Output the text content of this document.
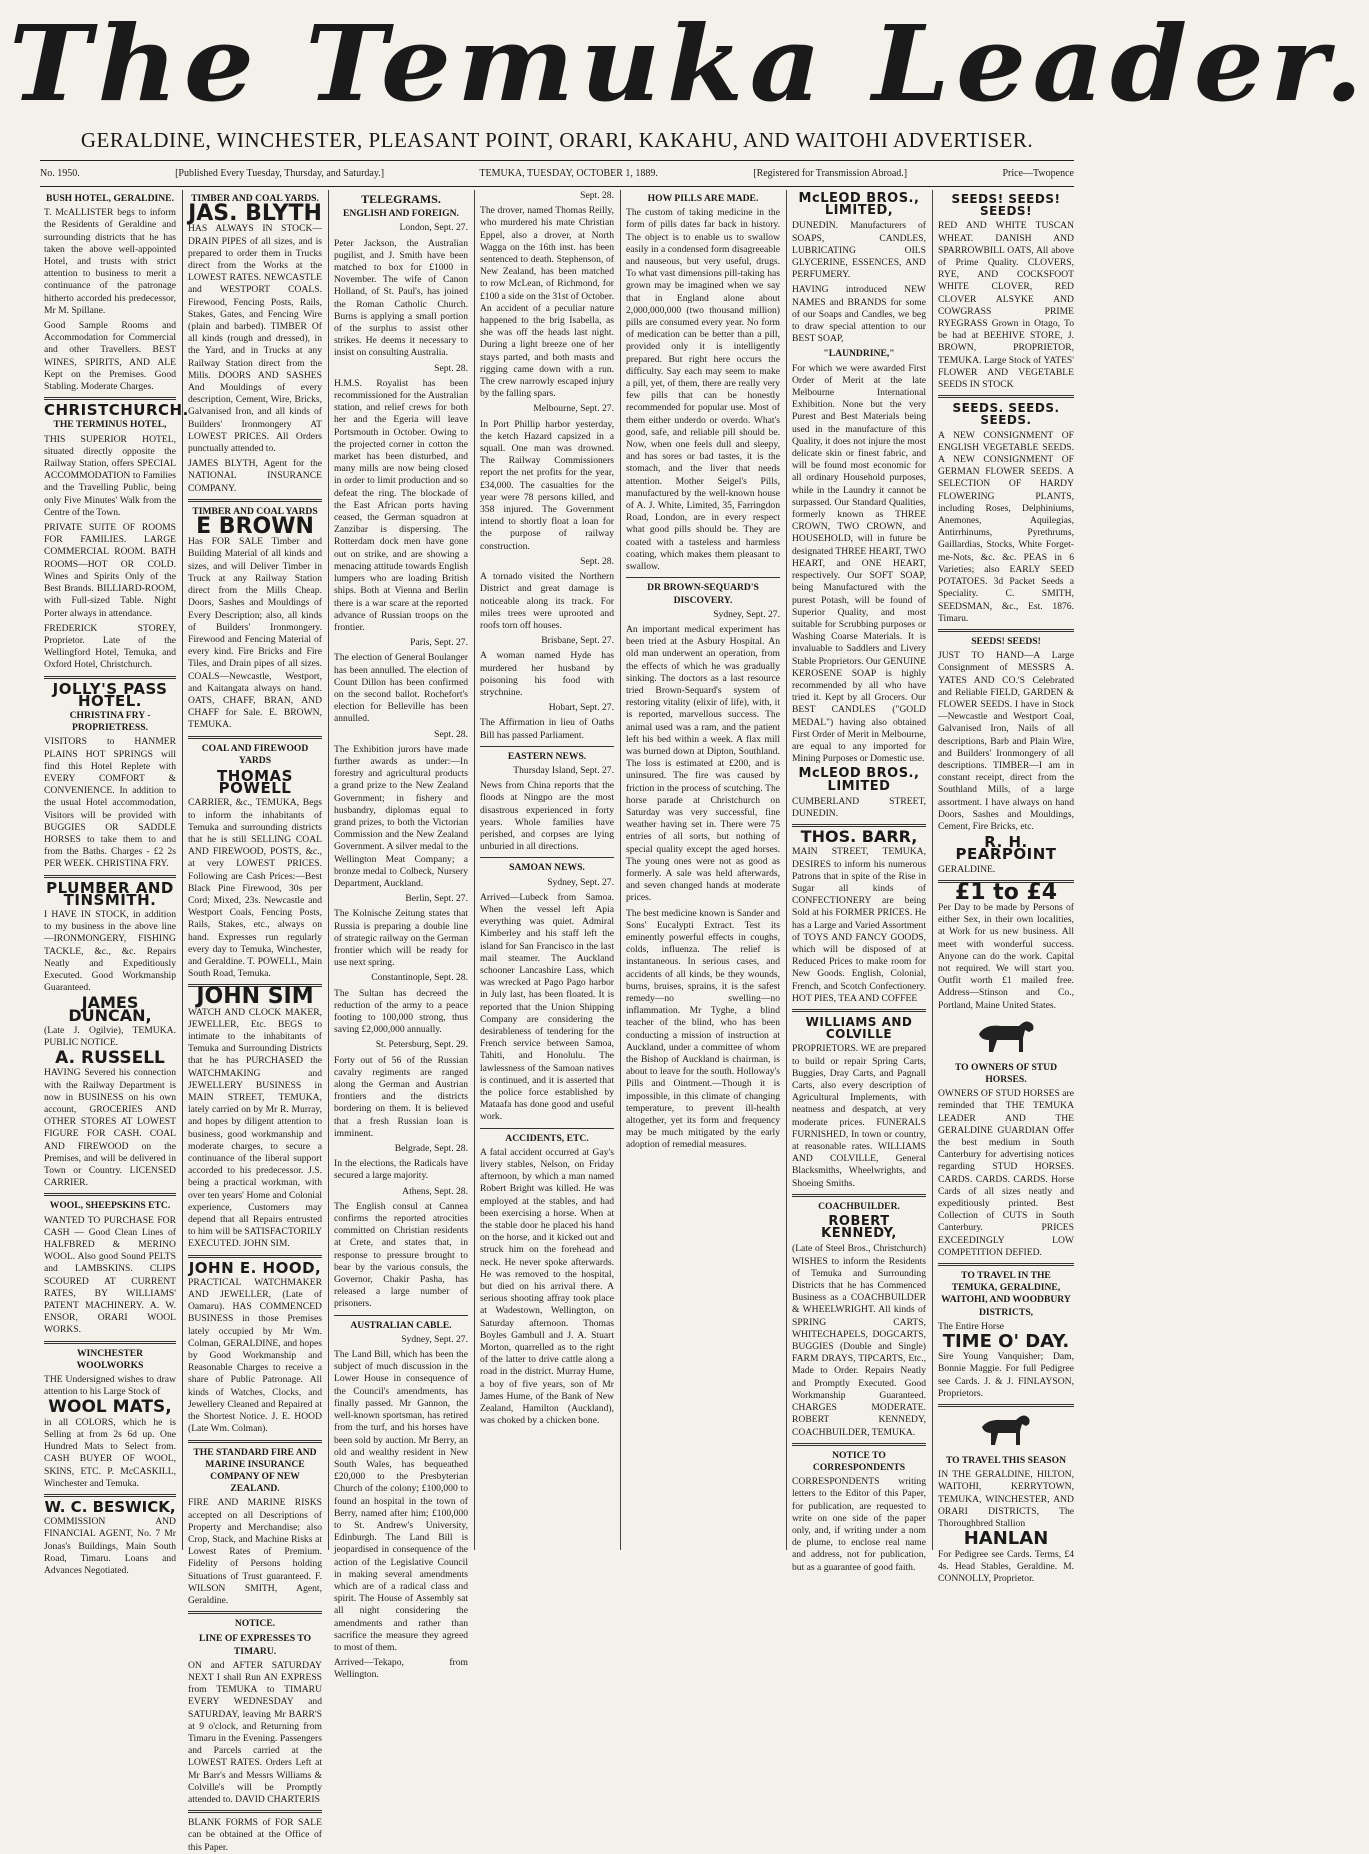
The Temuka Leader.
GERALDINE, WINCHESTER, PLEASANT POINT, ORARI, KAKAHU, AND WAITOHI ADVERTISER.
No. 1950.	[Published Every Tuesday, Thursday, and Saturday.]	TEMUKA, TUESDAY, OCTOBER 1, 1889.	[Registered for Transmission Abroad.]	Price—Twopence
BUSH HOTEL, GERALDINE.

T. McALLISTER begs to inform the Residents of Geraldine and surrounding districts that he has taken the above well-appointed Hotel, and trusts with strict attention to business to merit a continuance of the patronage hitherto accorded his predecessor, Mr M. Spillane.

Good Sample Rooms and Accommodation for Commercial and other Travellers. BEST WINES, SPIRITS, AND ALE Kept on the Premises. Good Stabling. Moderate Charges.

CHRISTCHURCH.
THE TERMINUS HOTEL,

THIS SUPERIOR HOTEL, situated directly opposite the Railway Station, offers SPECIAL ACCOMMODATION to Families and the Travelling Public, being only Five Minutes' Walk from the Centre of the Town.

PRIVATE SUITE OF ROOMS FOR FAMILIES. LARGE COMMERCIAL ROOM. BATH ROOMS—HOT OR COLD. Wines and Spirits Only of the Best Brands. BILLIARD-ROOM, with Full-sized Table. Night Porter always in attendance.

FREDERICK STOREY, Proprietor. Late of the Wellingford Hotel, Temuka, and Oxford Hotel, Christchurch.

JOLLY'S PASS HOTEL.
CHRISTINA FRY - PROPRIETRESS.

VISITORS to HANMER PLAINS HOT SPRINGS will find this Hotel Replete with EVERY COMFORT & CONVENIENCE. In addition to the usual Hotel accommodation, Visitors will be provided with BUGGIES OR SADDLE HORSES to take them to and from the Baths. Charges - £2 2s PER WEEK. CHRISTINA FRY.

PLUMBER AND TINSMITH.

I HAVE IN STOCK, in addition to my business in the above line—IRONMONGERY, FISHING TACKLE, &c., &c. Repairs Neatly and Expeditiously Executed. Good Workmanship Guaranteed.

JAMES DUNCAN,

(Late J. Ogilvie), TEMUKA. PUBLIC NOTICE.

A. RUSSELL

HAVING Severed his connection with the Railway Department is now in BUSINESS on his own account, GROCERIES AND OTHER STORES AT LOWEST FIGURE FOR CASH. COAL AND FIREWOOD on the Premises, and will be delivered in Town or Country. LICENSED CARRIER.

WOOL, SHEEPSKINS ETC.

WANTED TO PURCHASE FOR CASH — Good Clean Lines of HALFBRED & MERINO WOOL. Also good Sound PELTS and LAMBSKINS. CLIPS SCOURED AT CURRENT RATES, BY WILLIAMS' PATENT MACHINERY. A. W. ENSOR, ORARI WOOL WORKS.

WINCHESTER WOOLWORKS

THE Undersigned wishes to draw attention to his Large Stock of

WOOL MATS,

in all COLORS, which he is Selling at from 2s 6d up. One Hundred Mats to Select from. CASH BUYER OF WOOL, SKINS, ETC. P. McCASKILL, Winchester and Temuka.

W. C. BESWICK,

COMMISSION AND FINANCIAL AGENT, No. 7 Mr Jonas's Buildings, Main South Road, Timaru. Loans and Advances Negotiated.

TIMBER AND COAL YARDS.
JAS. BLYTH

HAS ALWAYS IN STOCK—DRAIN PIPES of all sizes, and is prepared to order them in Trucks direct from the Works at the LOWEST RATES. NEWCASTLE and WESTPORT COALS. Firewood, Fencing Posts, Rails, Stakes, Gates, and Fencing Wire (plain and barbed). TIMBER Of all kinds (rough and dressed), in the Yard, and in Trucks at any Railway Station direct from the Mills. DOORS AND SASHES And Mouldings of every description, Cement, Wire, Bricks, Galvanised Iron, and all kinds of Builders' Ironmongery AT LOWEST PRICES. All Orders punctually attended to.

JAMES BLYTH, Agent for the NATIONAL INSURANCE COMPANY.

TIMBER AND COAL YARDS
E BROWN

Has FOR SALE Timber and Building Material of all kinds and sizes, and will Deliver Timber in Truck at any Railway Station direct from the Mills Cheap. Doors, Sashes and Mouldings of Every Description; also, all kinds of Builders' Ironmongery. Firewood and Fencing Material of every kind. Fire Bricks and Fire Tiles, and Drain pipes of all sizes. COALS—Newcastle, Westport, and Kaitangata always on hand. OATS, CHAFF, BRAN, AND CHAFF for Sale. E. BROWN, TEMUKA.

COAL AND FIREWOOD YARDS
THOMAS POWELL

CARRIER, &c., TEMUKA, Begs to inform the inhabitants of Temuka and surrounding districts that he is still SELLING COAL AND FIREWOOD, POSTS, &c., at very LOWEST PRICES. Following are Cash Prices:—Best Black Pine Firewood, 30s per Cord; Mixed, 23s. Newcastle and Westport Coals, Fencing Posts, Rails, Stakes, etc., always on hand. Expresses run regularly every day to Temuka, Winchester, and Geraldine. T. POWELL, Main South Road, Temuka.

JOHN SIM

WATCH AND CLOCK MAKER, JEWELLER, Etc. BEGS to intimate to the inhabitants of Temuka and Surrounding Districts that he has PURCHASED the WATCHMAKING and JEWELLERY BUSINESS in MAIN STREET, TEMUKA, lately carried on by Mr R. Murray, and hopes by diligent attention to business, good workmanship and moderate charges, to secure a continuance of the liberal support accorded to his predecessor. J.S. being a practical workman, with over ten years' Home and Colonial experience, Customers may depend that all Repairs entrusted to him will be SATISFACTORILY EXECUTED. JOHN SIM.

JOHN E. HOOD,

PRACTICAL WATCHMAKER AND JEWELLER, (Late of Oamaru). HAS COMMENCED BUSINESS in those Premises lately occupied by Mr Wm. Colman, GERALDINE, and hopes by Good Workmanship and Reasonable Charges to receive a share of Public Patronage. All kinds of Watches, Clocks, and Jewellery Cleaned and Repaired at the Shortest Notice. J. E. HOOD (Late Wm. Colman).

THE STANDARD FIRE AND MARINE INSURANCE COMPANY OF NEW ZEALAND.

FIRE AND MARINE RISKS accepted on all Descriptions of Property and Merchandise; also Crop, Stack, and Machine Risks at Lowest Rates of Premium. Fidelity of Persons holding Situations of Trust guaranteed. F. WILSON SMITH, Agent, Geraldine.

NOTICE.
LINE OF EXPRESSES TO TIMARU.

ON and AFTER SATURDAY NEXT I shall Run AN EXPRESS from TEMUKA to TIMARU EVERY WEDNESDAY and SATURDAY, leaving Mr BARR'S at 9 o'clock, and Returning from Timaru in the Evening. Passengers and Parcels carried at the LOWEST RATES. Orders Left at Mr Barr's and Messrs Williams & Colville's will be Promptly attended to. DAVID CHARTERIS

BLANK FORMS of FOR SALE can be obtained at the Office of this Paper.

TELEGRAMS.
ENGLISH AND FOREIGN.

London, Sept. 27.

Peter Jackson, the Australian pugilist, and J. Smith have been matched to box for £1000 in November. The wife of Canon Holland, of St. Paul's, has joined the Roman Catholic Church. Burns is applying a small portion of the surplus to assist other strikes. He deems it necessary to insist on consulting Australia.

Sept. 28.

H.M.S. Royalist has been recommissioned for the Australian station, and relief crews for both her and the Egeria will leave Portsmouth in October. Owing to the projected corner in cotton the market has been disturbed, and many mills are now being closed in order to limit production and so defeat the ring. The blockade of the East African ports having ceased, the German squadron at Zanzibar is dispersing. The Rotterdam dock men have gone out on strike, and are showing a menacing attitude towards English lumpers who are loading British ships. Both at Vienna and Berlin there is a war scare at the reported advance of Russian troops on the frontier.

Paris, Sept. 27.

The election of General Boulanger has been annulled. The election of Count Dillon has been confirmed on the second ballot. Rochefort's election for Belleville has been annulled.

Sept. 28.

The Exhibition jurors have made further awards as under:—In forestry and agricultural products a grand prize to the New Zealand Government; in fishery and husbandry, diplomas equal to grand prizes, to both the Victorian Commission and the New Zealand Government. A silver medal to the Wellington Meat Company; a bronze medal to Colbeck, Nursery Department, Auckland.

Berlin, Sept. 27.

The Kolnische Zeitung states that Russia is preparing a double line of strategic railway on the German frontier which will be ready for use next spring.

Constantinople, Sept. 28.

The Sultan has decreed the reduction of the army to a peace footing to 100,000 strong, thus saving £2,000,000 annually.

St. Petersburg, Sept. 29.

Forty out of 56 of the Russian cavalry regiments are ranged along the German and Austrian frontiers and the districts bordering on them. It is believed that a fresh Russian loan is imminent.

Belgrade, Sept. 28.

In the elections, the Radicals have secured a large majority.

Athens, Sept. 28.

The English consul at Cannea confirms the reported atrocities committed on Christian residents at Crete, and states that, in response to pressure brought to bear by the various consuls, the Governor, Chakir Pasha, has released a large number of prisoners.

AUSTRALIAN CABLE.

Sydney, Sept. 27.

The Land Bill, which has been the subject of much discussion in the Lower House in consequence of the Council's amendments, has finally passed. Mr Gannon, the well-known sportsman, has retired from the turf, and his horses have been sold by auction. Mr Berry, an old and wealthy resident in New South Wales, has bequeathed £20,000 to the Presbyterian Church of the colony; £100,000 to found an hospital in the town of Berry, named after him; £100,000 to St. Andrew's University, Edinburgh. The Land Bill is jeopardised in consequence of the action of the Legislative Council in making several amendments which are of a radical class and spirit. The House of Assembly sat all night considering the amendments and rather than sacrifice the measure they agreed to most of them.

Arrived—Tekapo, from Wellington.

Sept. 28.

The drover, named Thomas Reilly, who murdered his mate Christian Eppel, also a drover, at North Wagga on the 16th inst. has been sentenced to death. Stephenson, of New Zealand, has been matched to row McLean, of Richmond, for £100 a side on the 31st of October. An accident of a peculiar nature happened to the brig Isabella, as she was off the heads last night. During a light breeze one of her stays parted, and both masts and rigging came down with a run. The crew narrowly escaped injury by the falling spars.

Melbourne, Sept. 27.

In Port Phillip harbor yesterday, the ketch Hazard capsized in a squall. One man was drowned. The Railway Commissioners report the net profits for the year, £34,000. The casualties for the year were 78 persons killed, and 358 injured. The Government intend to shortly float a loan for the purpose of railway construction.

Sept. 28.

A tornado visited the Northern District and great damage is noticeable along its track. For miles trees were uprooted and roofs torn off houses.

Brisbane, Sept. 27.

A woman named Hyde has murdered her husband by poisoning his food with strychnine.

Hobart, Sept. 27.

The Affirmation in lieu of Oaths Bill has passed Parliament.

EASTERN NEWS.

Thursday Island, Sept. 27.

News from China reports that the floods at Ningpo are the most disastrous experienced in forty years. Whole families have perished, and corpses are lying unburied in all directions.

SAMOAN NEWS.

Sydney, Sept. 27.

Arrived—Lubeck from Samoa. When the vessel left Apia everything was quiet. Admiral Kimberley and his staff left the island for San Francisco in the last mail steamer. The Auckland schooner Lancashire Lass, which was wrecked at Pago Pago harbor in July last, has been floated. It is reported that the Union Shipping Company are considering the desirableness of tendering for the French service between Samoa, Tahiti, and Honolulu. The lawlessness of the Samoan natives is continued, and it is asserted that the police force established by Mataafa has done good and useful work.

ACCIDENTS, ETC.

A fatal accident occurred at Gay's livery stables, Nelson, on Friday afternoon, by which a man named Robert Bright was killed. He was employed at the stables, and had been exercising a horse. When at the stable door he placed his hand on the horse, and it kicked out and struck him on the forehead and neck. He never spoke afterwards. He was removed to the hospital, but died on his arrival there. A serious shooting affray took place at Wadestown, Wellington, on Saturday afternoon. Thomas Boyles Gambull and J. A. Stuart Morton, quarrelled as to the right of the latter to drive cattle along a road in the district. Murray Hume, a boy of five years, son of Mr James Hume, of the Bank of New Zealand, Hamilton (Auckland), was choked by a chicken bone.

HOW PILLS ARE MADE.

The custom of taking medicine in the form of pills dates far back in history. The object is to enable us to swallow easily in a condensed form disagreeable and nauseous, but very useful, drugs. To what vast dimensions pill-taking has grown may be imagined when we say that in England alone about 2,000,000,000 (two thousand million) pills are consumed every year. No form of medication can be better than a pill, provided only it is intelligently prepared. But right here occurs the difficulty. Say each may seem to make a pill, yet, of them, there are really very few pills that can be honestly recommended for popular use. Most of them either underdo or overdo. What's good, safe, and reliable pill should be. Now, when one feels dull and sleepy, and has sores or bad tastes, it is the stomach, and the liver that needs attention. Mother Seigel's Pills, manufactured by the well-known house of A. J. White, Limited, 35, Farringdon Road, London, are in every respect what good pills should be. They are coated with a tasteless and harmless coating, which makes them pleasant to swallow.

DR BROWN-SEQUARD'S DISCOVERY.

Sydney, Sept. 27.

An important medical experiment has been tried at the Asbury Hospital. An old man underwent an operation, from the effects of which he was gradually sinking. The doctors as a last resource tried Brown-Sequard's system of restoring vitality (elixir of life), with, it is reported, marvellous success. The animal used was a ram, and the patient left his bed within a week. A flax mill was burned down at Dipton, Southland. The loss is estimated at £200, and is uninsured. The fire was caused by friction in the process of scutching. The horse parade at Christchurch on Saturday was very successful, fine weather having set in. There were 75 entries of all sorts, but nothing of special quality except the aged horses. The young ones were not as good as formerly. A sale was held afterwards, and seven changed hands at moderate prices.

The best medicine known is Sander and Sons' Eucalypti Extract. Test its eminently powerful effects in coughs, colds, influenza. The relief is instantaneous. In serious cases, and accidents of all kinds, be they wounds, burns, bruises, sprains, it is the safest remedy—no swelling—no inflammation. Mr Tyghe, a blind teacher of the blind, who has been conducting a mission of instruction at Auckland, under a committee of whom the Bishop of Auckland is chairman, is about to leave for the south. Holloway's Pills and Ointment.—Though it is impossible, in this climate of changing temperature, to prevent ill-health altogether, yet its form and frequency may be much mitigated by the early adoption of remedial measures.

McLEOD BROS., LIMITED,

DUNEDIN. Manufacturers of SOAPS, CANDLES, LUBRICATING OILS GLYCERINE, ESSENCES, AND PERFUMERY.

HAVING introduced NEW NAMES and BRANDS for some of our Soaps and Candles, we beg to draw special attention to our BEST SOAP,

"LAUNDRINE,"

For which we were awarded First Order of Merit at the late Melbourne International Exhibition. None but the very Purest and Best Materials being used in the manufacture of this Quality, it does not injure the most delicate skin or finest fabric, and will be found most economic for all ordinary Household purposes, while in the Laundry it cannot be surpassed. Our Standard Qualities, formerly known as THREE CROWN, TWO CROWN, and HOUSEHOLD, will in future be designated THREE HEART, TWO HEART, and ONE HEART, respectively. Our SOFT SOAP, being Manufactured with the purest Potash, will be found of Superior Quality, and most suitable for Scrubbing purposes or Washing Coarse Materials. It is invaluable to Saddlers and Livery Stable Proprietors. Our GENUINE KEROSENE SOAP is highly recommended by all who have tried it. Kept by all Grocers. Our BEST CANDLES ("GOLD MEDAL") having also obtained First Order of Merit in Melbourne, are equal to any imported for Mining Purposes or Domestic use.

McLEOD BROS., LIMITED

CUMBERLAND STREET, DUNEDIN.

THOS. BARR,

MAIN STREET, TEMUKA, DESIRES to inform his numerous Patrons that in spite of the Rise in Sugar all kinds of CONFECTIONERY are being Sold at his FORMER PRICES. He has a Large and Varied Assortment of TOYS AND FANCY GOODS, which will be disposed of at Reduced Prices to make room for New Goods. English, Colonial, French, and Scotch Confectionery. HOT PIES, TEA AND COFFEE

WILLIAMS AND COLVILLE

PROPRIETORS. WE are prepared to build or repair Spring Carts, Buggies, Dray Carts, and Pagnall Carts, also every description of Agricultural Implements, with neatness and despatch, at very moderate prices. FUNERALS FURNISHED, In town or country, at reasonable rates. WILLIAMS AND COLVILLE, General Blacksmiths, Wheelwrights, and Shoeing Smiths.

COACHBUILDER.
ROBERT KENNEDY,

(Late of Steel Bros., Christchurch) WISHES to inform the Residents of Temuka and Surrounding Districts that he has Commenced Business as a COACHBUILDER & WHEELWRIGHT. All kinds of SPRING CARTS, WHITECHAPELS, DOGCARTS, BUGGIES (Double and Single) FARM DRAYS, TIPCARTS, Etc., Made to Order. Repairs Neatly and Promptly Executed. Good Workmanship Guaranteed. CHARGES MODERATE. ROBERT KENNEDY, COACHBUILDER, TEMUKA.

NOTICE TO CORRESPONDENTS

CORRESPONDENTS writing letters to the Editor of this Paper, for publication, are requested to write on one side of the paper only, and, if writing under a nom de plume, to enclose real name and address, not for publication, but as a guarantee of good faith.

SEEDS! SEEDS! SEEDS!

RED AND WHITE TUSCAN WHEAT. DANISH AND SPARROWBILL OATS, All above of Prime Quality. CLOVERS, RYE, AND COCKSFOOT WHITE CLOVER, RED CLOVER ALSYKE AND COWGRASS PRIME RYEGRASS Grown in Otago, To be had at BEEHIVE STORE, J. BROWN, PROPRIETOR, TEMUKA. Large Stock of YATES' FLOWER AND VEGETABLE SEEDS IN STOCK

SEEDS. SEEDS. SEEDS.

A NEW CONSIGNMENT OF ENGLISH VEGETABLE SEEDS. A NEW CONSIGNMENT OF GERMAN FLOWER SEEDS. A SELECTION OF HARDY FLOWERING PLANTS, including Roses, Delphiniums, Anemones, Aquilegias, Antirrhinums, Pyrethrums, Gaillardias, Stocks, White Forget-me-Nots, &c. &c. PEAS in 6 Varieties; also EARLY SEED POTATOES. 3d Packet Seeds a Speciality. C. SMITH, SEEDSMAN, &c., Est. 1876. Timaru.

SEEDS! SEEDS!

JUST TO HAND—A Large Consignment of MESSRS A. YATES AND CO.'S Celebrated and Reliable FIELD, GARDEN & FLOWER SEEDS. I have in Stock—Newcastle and Westport Coal, Galvanised Iron, Nails of all descriptions, Barb and Plain Wire, and Builders' Ironmongery of all descriptions. TIMBER—I am in constant receipt, direct from the Southland Mills, of a large assortment. I have always on hand Doors, Sashes and Mouldings, Cement, Fire Bricks, etc.

R. H. PEARPOINT

GERALDINE.

£1 to £4

Per Day to be made by Persons of either Sex, in their own localities, at Work for us new business. All meet with wonderful success. Anyone can do the work. Capital not required. We will start you. Outfit worth £1 mailed free. Address—Stinson and Co., Portland, Maine United States.

TO OWNERS OF STUD HORSES.

OWNERS OF STUD HORSES are reminded that THE TEMUKA LEADER AND THE GERALDINE GUARDIAN Offer the best medium in South Canterbury for advertising notices regarding STUD HORSES. CARDS. CARDS. CARDS. Horse Cards of all sizes neatly and expeditiously printed. Best Collection of CUTS in South Canterbury. PRICES EXCEEDINGLY LOW COMPETITION DEFIED.

TO TRAVEL IN THE TEMUKA, GERALDINE, WAITOHI, AND WOODBURY DISTRICTS,

The Entire Horse

TIME O' DAY.

Sire Young Vanquisher; Dam, Bonnie Maggie. For full Pedigree see Cards. J. & J. FINLAYSON, Proprietors.

TO TRAVEL THIS SEASON

IN THE GERALDINE, HILTON, WAITOHI, KERRYTOWN, TEMUKA, WINCHESTER, AND ORARI DISTRICTS, The Thoroughbred Stallion

HANLAN

For Pedigree see Cards. Terms, £4 4s. Head Stables, Geraldine. M. CONNOLLY, Proprietor.
